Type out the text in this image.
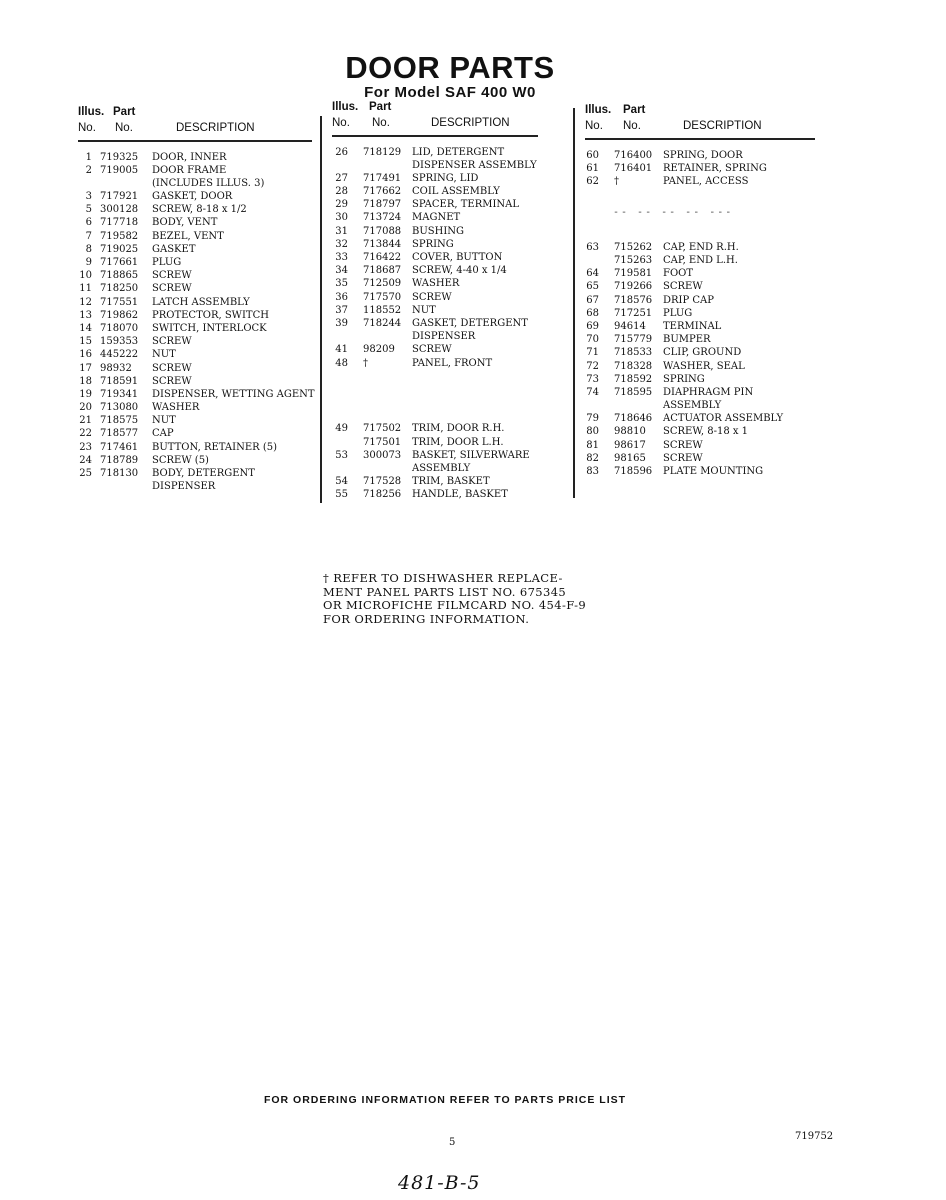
DOOR PARTS
For Model SAF 400 W0
Illus. Part
No. No.	DESCRIPTION
1 719325 DOOR, INNER
2 719005 DOOR FRAME
(INCLUDES ILLUS. 3)
3 717921 GASKET, DOOR
5 300128 SCREW, 8-18 x 1/2
6 717718 BODY, VENT
7 719582 BEZEL, VENT
8 719025 GASKET
9 717661 PLUG
10 718865 SCREW
11 718250 SCREW
12 717551 LATCH ASSEMBLY
13 719862 PROTECTOR, SWITCH
14 718070 SWITCH, INTERLOCK
15 159353 SCREW
16 445222 NUT
17 98932 SCREW
18 718591 SCREW
19 719341 DISPENSER, WETTING AGENT
20 713080 WASHER
21 718575 NUT
22 718577 CAP
23 717461 BUTTON, RETAINER (5)
24 718789 SCREW (5)
25 718130 BODY, DETERGENT
DISPENSER
Illus. Part
No. No.	DESCRIPTION
26 718129 LID, DETERGENT
DISPENSER ASSEMBLY
27 717491 SPRING, LID
28 717662 COIL ASSEMBLY
29 718797 SPACER, TERMINAL
30 713724 MAGNET
31 717088 BUSHING
32 713844 SPRING
33 716422 COVER, BUTTON
34 718687 SCREW, 4-40 x 1/4
35 712509 WASHER
36 717570 SCREW
37 118552 NUT
39 718244 GASKET, DETERGENT
DISPENSER
41 98209 SCREW
48 †	PANEL, FRONT
49 717502 TRIM, DOOR R.H.
717501 TRIM, DOOR L.H.
53 300073 BASKET, SILVERWARE
ASSEMBLY
54 717528 TRIM, BASKET
55 718256 HANDLE, BASKET
Illus. Part
No. No.	DESCRIPTION
60 716400 SPRING, DOOR
61 716401 RETAINER, SPRING
62 †	PANEL, ACCESS
63 715262 CAP, END R.H.
715263 CAP, END L.H.
64 719581 FOOT
65 719266 SCREW
67 718576 DRIP CAP
68 717251 PLUG
69 94614 TERMINAL
70 715779 BUMPER
71 718533 CLIP, GROUND
72 718328 WASHER, SEAL
73 718592 SPRING
74 718595 DIAPHRAGM PIN
ASSEMBLY
79 718646 ACTUATOR ASSEMBLY
80 98810 SCREW, 8-18 x 1
81 98617 SCREW
82 98165 SCREW
83 718596 PLATE MOUNTING
-- -- -- -- ---
† REFER TO DISHWASHER REPLACE-
MENT PANEL PARTS LIST NO. 675345
OR MICROFICHE FILMCARD NO. 454-F-9
FOR ORDERING INFORMATION.
FOR ORDERING INFORMATION REFER TO PARTS PRICE LIST
5
719752
481-B-5
